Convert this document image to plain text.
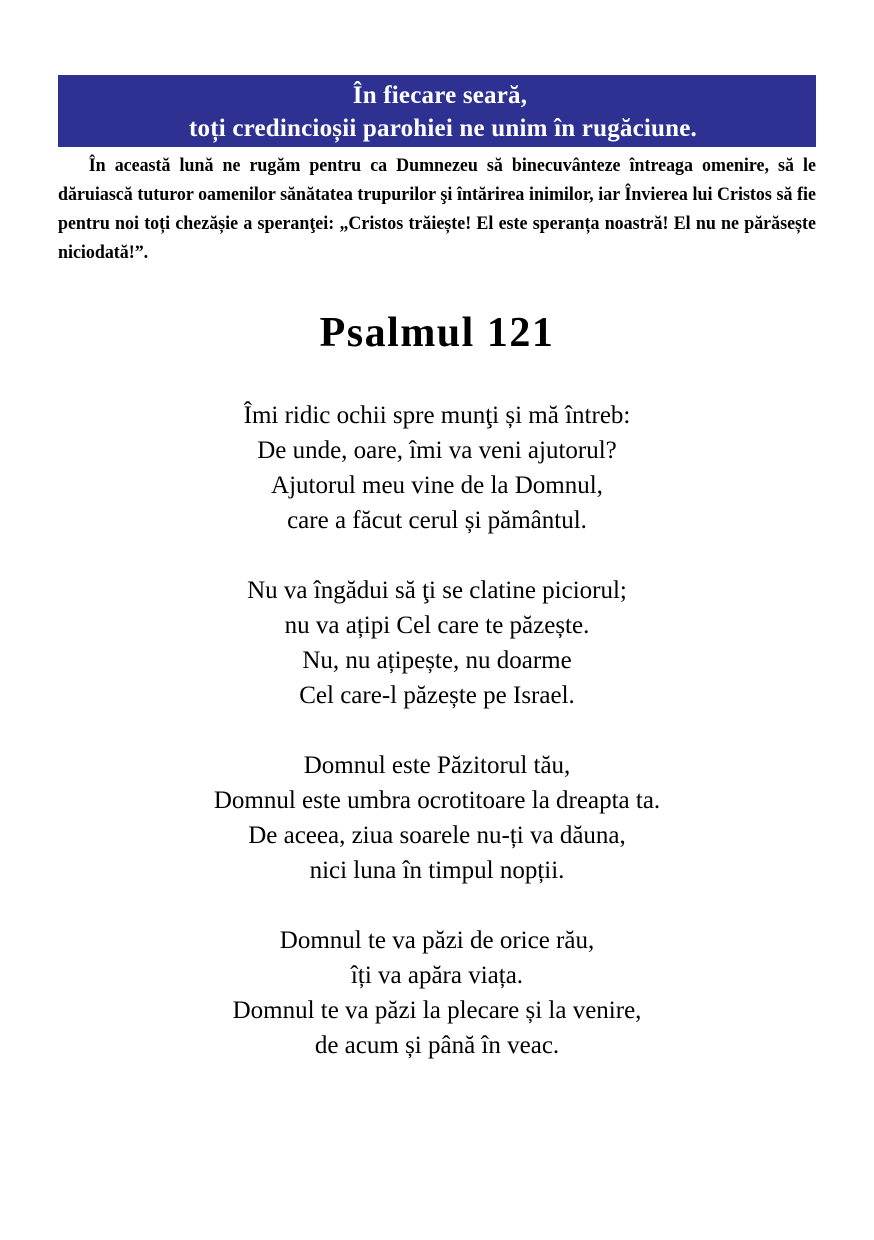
În fiecare seară,
toți credincioșii parohiei ne unim în rugăciune.
În această lună ne rugăm pentru ca Dumnezeu să binecuvânteze întreaga omenire, să le dăruiască tuturor oamenilor sănătatea trupurilor şi întărirea inimilor, iar Învierea lui Cristos să fie pentru noi toți chezășie a speranţei: „Cristos trăiește! El este speranța noastră! El nu ne părăsește niciodată!”.
Psalmul 121
Îmi ridic ochii spre munţi și mă întreb:
De unde, oare, îmi va veni ajutorul?
Ajutorul meu vine de la Domnul,
care a făcut cerul și pământul.
Nu va îngădui să ţi se clatine piciorul;
nu va ațipi Cel care te păzește.
Nu, nu ațipește, nu doarme
Cel care-l păzește pe Israel.
Domnul este Păzitorul tău,
Domnul este umbra ocrotitoare la dreapta ta.
De aceea, ziua soarele nu-ți va dăuna,
nici luna în timpul nopții.
Domnul te va păzi de orice rău,
îți va apăra viața.
Domnul te va păzi la plecare și la venire,
de acum și până în veac.
